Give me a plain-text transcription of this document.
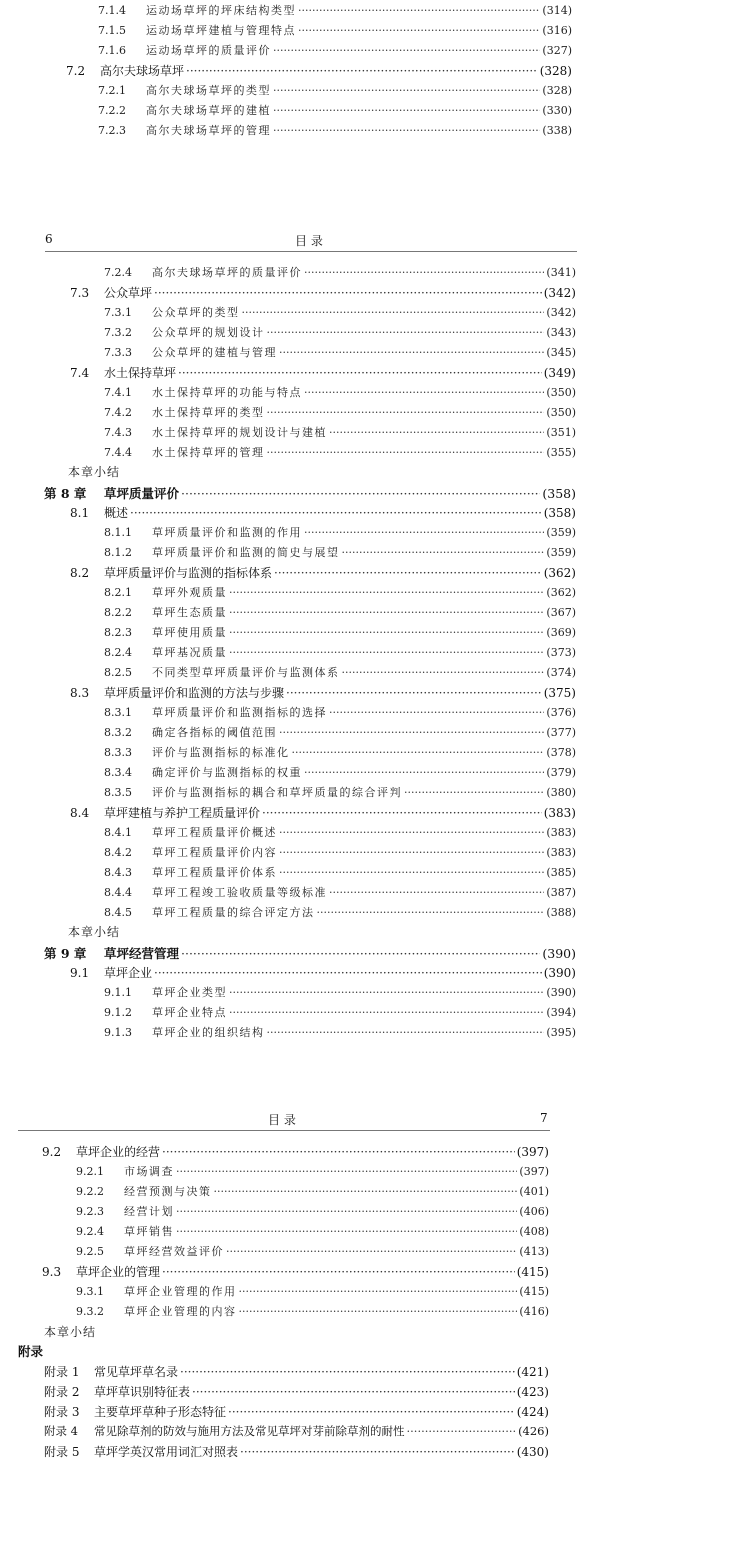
7.1.4	运动场草坪的坪床结构类型 ·····	(314)
7.1.5	运动场草坪建植与管理特点 ·····	(316)
7.1.6	运动场草坪的质量评价 ·····	(327)
7.2	高尔夫球场草坪 ·····	(328)
7.2.1	高尔夫球场草坪的类型 ·····	(328)
7.2.2	高尔夫球场草坪的建植 ·····	(330)
7.2.3	高尔夫球场草坪的管理 ·····	(338)
6	目 录
7.2.4	高尔夫球场草坪的质量评价 ·····	(341)
7.3	公众草坪 ·····	(342)
7.3.1	公众草坪的类型 ·····	(342)
7.3.2	公众草坪的规划设计 ·····	(343)
7.3.3	公众草坪的建植与管理 ·····	(345)
7.4	水土保持草坪 ·····	(349)
7.4.1	水土保持草坪的功能与特点 ·····	(350)
7.4.2	水土保持草坪的类型 ·····	(350)
7.4.3	水土保持草坪的规划设计与建植 ·····	(351)
7.4.4	水土保持草坪的管理 ·····	(355)
本章小结
第 8 章	草坪质量评价 ·····	(358)
8.1	概述 ·····	(358)
8.1.1	草坪质量评价和监测的作用 ·····	(359)
8.1.2	草坪质量评价和监测的简史与展望 ·····	(359)
8.2	草坪质量评价与监测的指标体系 ·····	(362)
8.2.1	草坪外观质量 ·····	(362)
8.2.2	草坪生态质量 ·····	(367)
8.2.3	草坪使用质量 ·····	(369)
8.2.4	草坪基况质量 ·····	(373)
8.2.5	不同类型草坪质量评价与监测体系 ·····	(374)
8.3	草坪质量评价和监测的方法与步骤 ·····	(375)
8.3.1	草坪质量评价和监测指标的选择 ·····	(376)
8.3.2	确定各指标的阈值范围 ·····	(377)
8.3.3	评价与监测指标的标准化 ·····	(378)
8.3.4	确定评价与监测指标的权重 ·····	(379)
8.3.5	评价与监测指标的耦合和草坪质量的综合评判 ·····	(380)
8.4	草坪建植与养护工程质量评价 ·····	(383)
8.4.1	草坪工程质量评价概述 ·····	(383)
8.4.2	草坪工程质量评价内容 ·····	(383)
8.4.3	草坪工程质量评价体系 ·····	(385)
8.4.4	草坪工程竣工验收质量等级标准 ·····	(387)
8.4.5	草坪工程质量的综合评定方法 ·····	(388)
本章小结
第 9 章	草坪经营管理 ·····	(390)
9.1	草坪企业 ·····	(390)
9.1.1	草坪企业类型 ·····	(390)
9.1.2	草坪企业特点 ·····	(394)
9.1.3	草坪企业的组织结构 ·····	(395)
目 录	7
9.2	草坪企业的经营 ·····	(397)
9.2.1	市场调查 ·····	(397)
9.2.2	经营预测与决策 ·····	(401)
9.2.3	经营计划 ·····	(406)
9.2.4	草坪销售 ·····	(408)
9.2.5	草坪经营效益评价 ·····	(413)
9.3	草坪企业的管理 ·····	(415)
9.3.1	草坪企业管理的作用 ·····	(415)
9.3.2	草坪企业管理的内容 ·····	(416)
本章小结
附录
附录 1	常见草坪草名录 ·····	(421)
附录 2	草坪草识别特征表 ·····	(423)
附录 3	主要草坪草种子形态特征 ·····	(424)
附录 4	常见除草剂的防效与施用方法及常见草坪对芽前除草剂的耐性 ·····	(426)
附录 5	草坪学英汉常用词汇对照表 ·····	(430)
